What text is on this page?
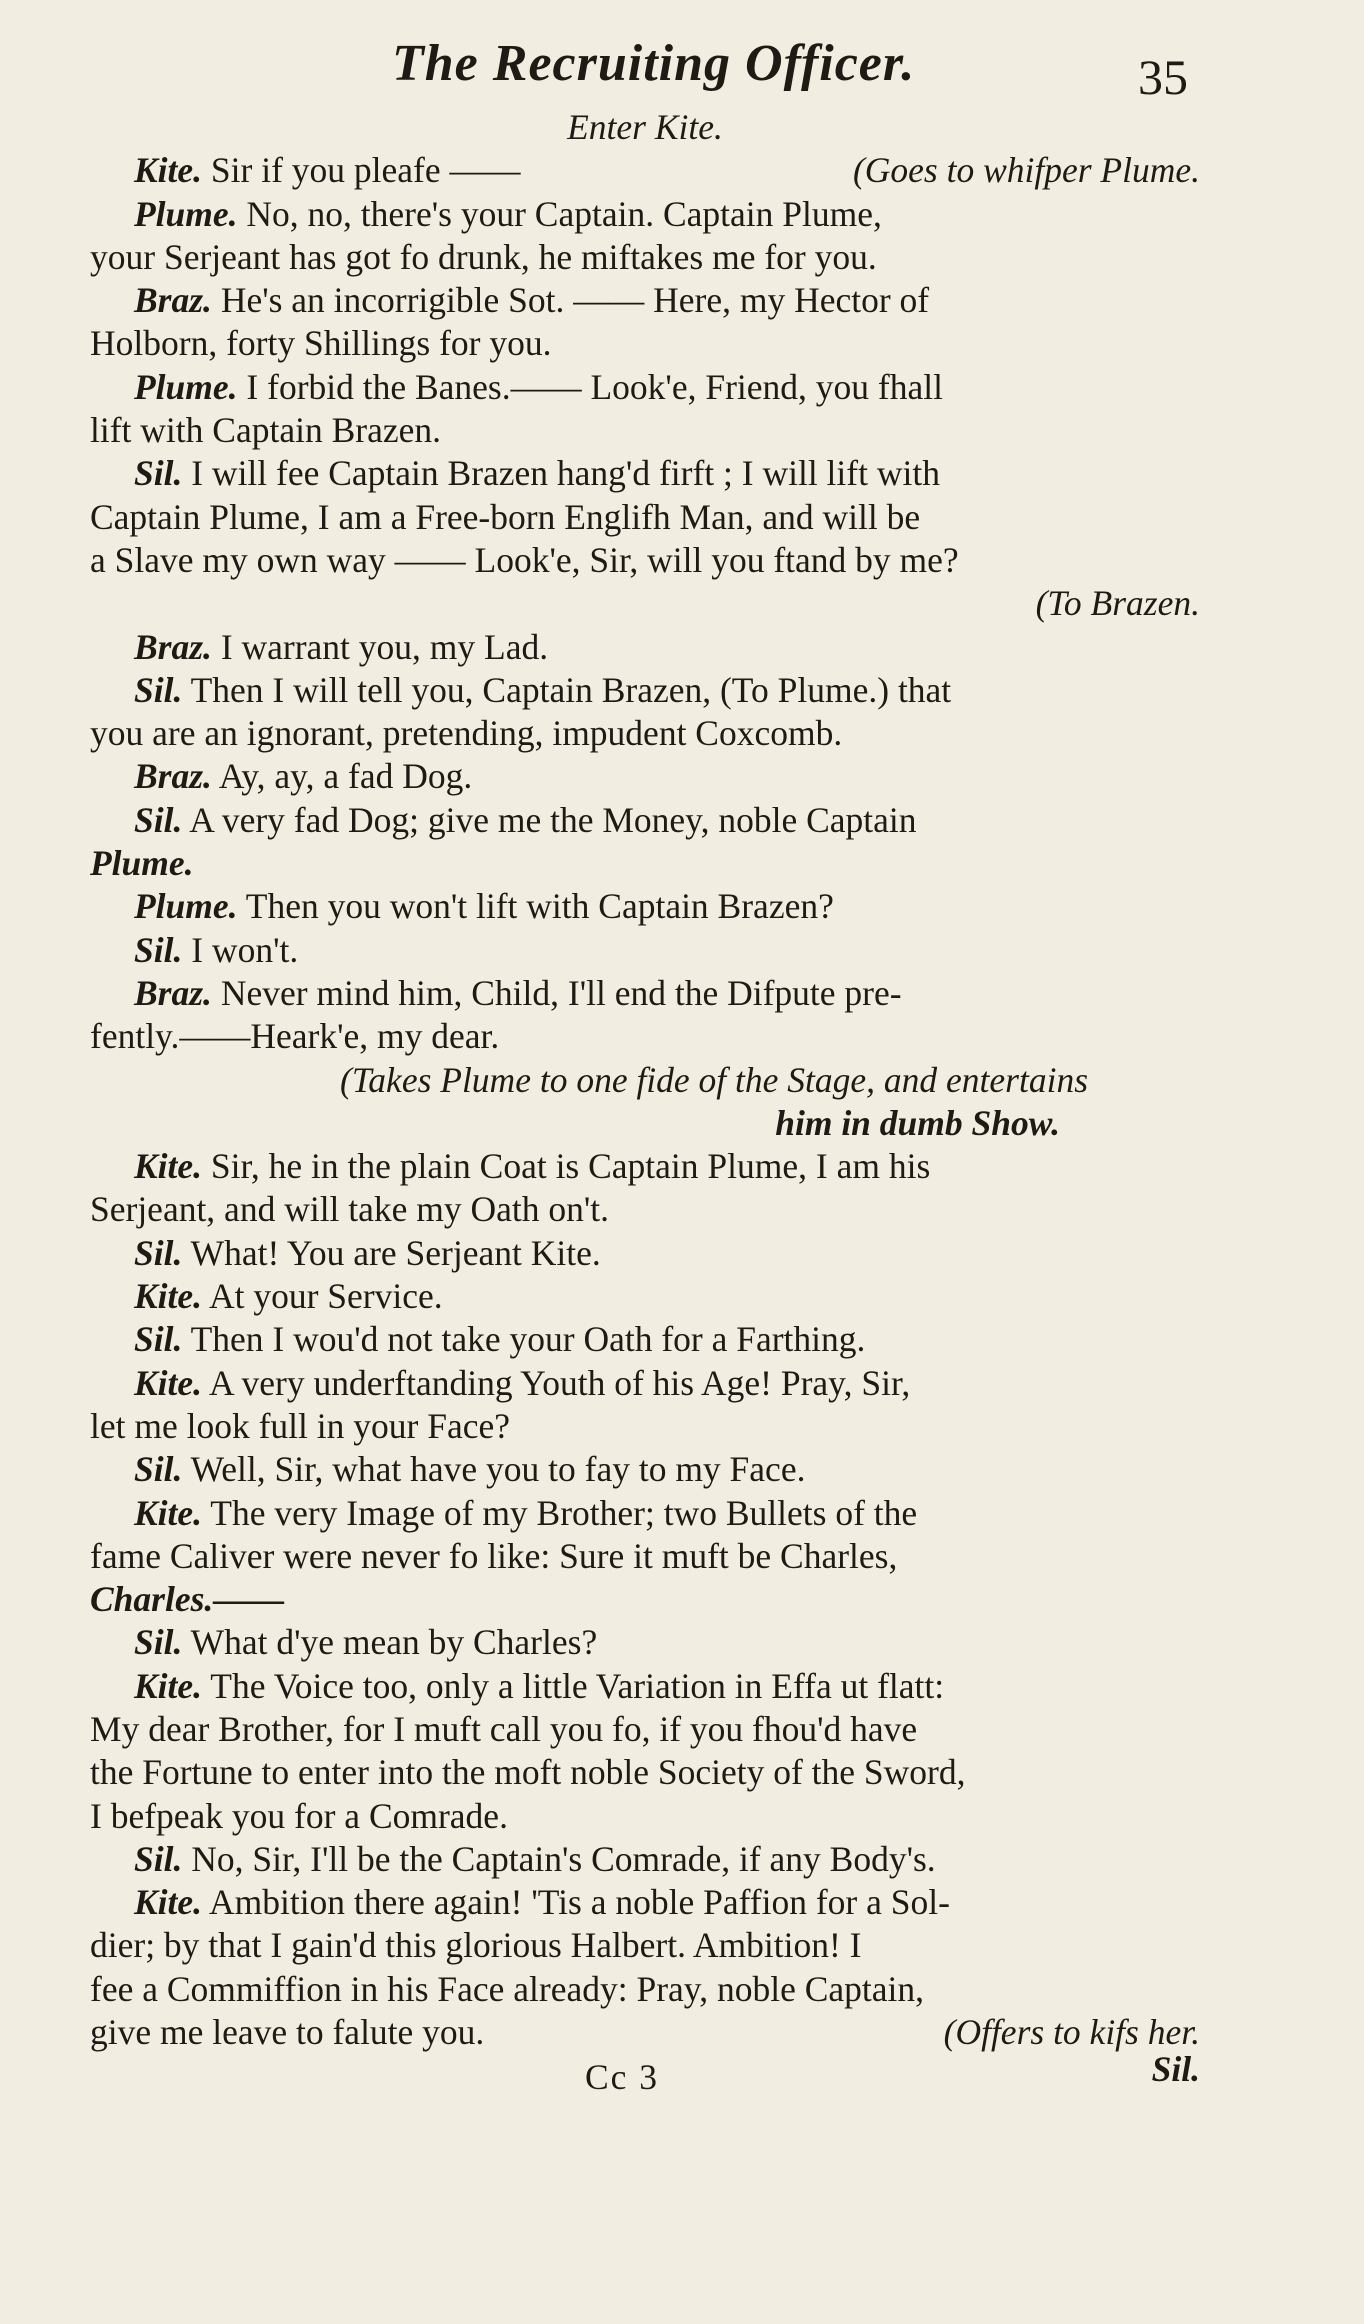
The Recruiting Officer.	35
Enter Kite.
Kite. Sir if you pleafe ——	(Goes to whifper Plume.
Plume. No, no, there's your Captain. Captain Plume,
your Serjeant has got fo drunk, he miftakes me for you.
Braz. He's an incorrigible Sot. —— Here, my Hector of
Holborn, forty Shillings for you.
Plume. I forbid the Banes.—— Look'e, Friend, you fhall
lift with Captain Brazen.
Sil. I will fee Captain Brazen hang'd firft ; I will lift with
Captain Plume, I am a Free-born Englifh Man, and will be
a Slave my own way —— Look'e, Sir, will you ftand by me?
(To Brazen.
Braz. I warrant you, my Lad.
Sil. Then I will tell you, Captain Brazen, (To Plume.) that
you are an ignorant, pretending, impudent Coxcomb.
Braz. Ay, ay, a fad Dog.
Sil. A very fad Dog; give me the Money, noble Captain
Plume.
Plume. Then you won't lift with Captain Brazen?
Sil. I won't.
Braz. Never mind him, Child, I'll end the Difpute pre-
fently.——Heark'e, my dear.
(Takes Plume to one fide of the Stage, and entertains
him in dumb Show.
Kite. Sir, he in the plain Coat is Captain Plume, I am his
Serjeant, and will take my Oath on't.
Sil. What! You are Serjeant Kite.
Kite. At your Service.
Sil. Then I wou'd not take your Oath for a Farthing.
Kite. A very underftanding Youth of his Age! Pray, Sir,
let me look full in your Face?
Sil. Well, Sir, what have you to fay to my Face.
Kite. The very Image of my Brother; two Bullets of the
fame Caliver were never fo like: Sure it muft be Charles,
Charles.——
Sil. What d'ye mean by Charles?
Kite. The Voice too, only a little Variation in Effa ut flatt:
My dear Brother, for I muft call you fo, if you fhou'd have
the Fortune to enter into the moft noble Society of the Sword,
I befpeak you for a Comrade.
Sil. No, Sir, I'll be the Captain's Comrade, if any Body's.
Kite. Ambition there again! 'Tis a noble Paffion for a Sol-
dier; by that I gain'd this glorious Halbert. Ambition! I
fee a Commiffion in his Face already: Pray, noble Captain,
give me leave to falute you.	(Offers to kifs her.
Cc 3	Sil.
